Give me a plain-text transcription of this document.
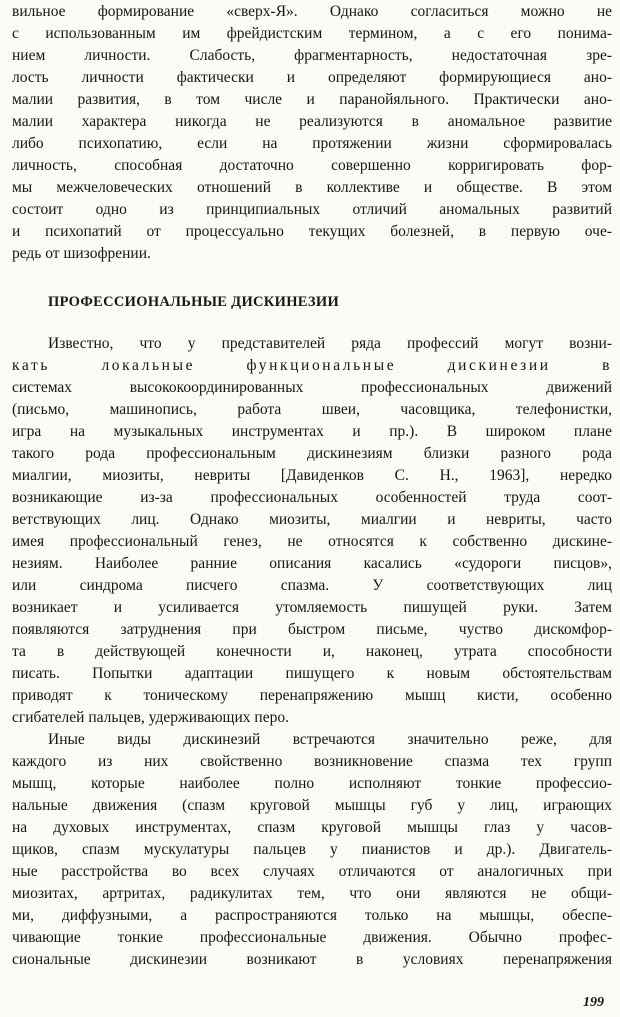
вильное формирование «сверх-Я». Однако согласиться можно не
с использованным им фрейдистским термином, а с его понима-
нием личности. Слабость, фрагментарность, недостаточная зре-
лость личности фактически и определяют формирующиеся ано-
малии развития, в том числе и паранойяльного. Практически ано-
малии характера никогда не реализуются в аномальное развитие
либо психопатию, если на протяжении жизни сформировалась
личность, способная достаточно совершенно корригировать фор-
мы межчеловеческих отношений в коллективе и обществе. В этом
состоит одно из принципиальных отличий аномальных развитий
и психопатий от процессуально текущих болезней, в первую оче-
редь от шизофрении.
ПРОФЕССИОНАЛЬНЫЕ ДИСКИНЕЗИИ
Известно, что у представителей ряда профессий могут возни-
кать локальные функциональные дискинезии в
системах высококоординированных профессиональных движений
(письмо, машинопись, работа швеи, часовщика, телефонистки,
игра на музыкальных инструментах и пр.). В широком плане
такого рода профессиональным дискинезиям близки разного рода
миалгии, миозиты, невриты [Давиденков С. Н., 1963], нередко
возникающие из-за профессиональных особенностей труда соот-
ветствующих лиц. Однако миозиты, миалгии и невриты, часто
имея профессиональный генез, не относятся к собственно дискине-
незиям. Наиболее ранние описания касались «судороги писцов»,
или синдрома писчего спазма. У соответствующих лиц
возникает и усиливается утомляемость пишущей руки. Затем
появляются затруднения при быстром письме, чуство дискомфор-
та в действующей конечности и, наконец, утрата способности
писать. Попытки адаптации пишущего к новым обстоятельствам
приводят к тоническому перенапряжению мышц кисти, особенно
сгибателей пальцев, удерживающих перо.
Иные виды дискинезий встречаются значительно реже, для
каждого из них свойственно возникновение спазма тех групп
мышц, которые наиболее полно исполняют тонкие профессио-
нальные движения (спазм круговой мышцы губ у лиц, играющих
на духовых инструментах, спазм круговой мышцы глаз у часов-
щиков, спазм мускулатуры пальцев у пианистов и др.). Двигатель-
ные расстройства во всех случаях отличаются от аналогичных при
миозитах, артритах, радикулитах тем, что они являются не общи-
ми, диффузными, а распространяются только на мышцы, обеспе-
чивающие тонкие профессиональные движения. Обычно профес-
сиональные дискинезии возникают в условиях перенапряжения
199
